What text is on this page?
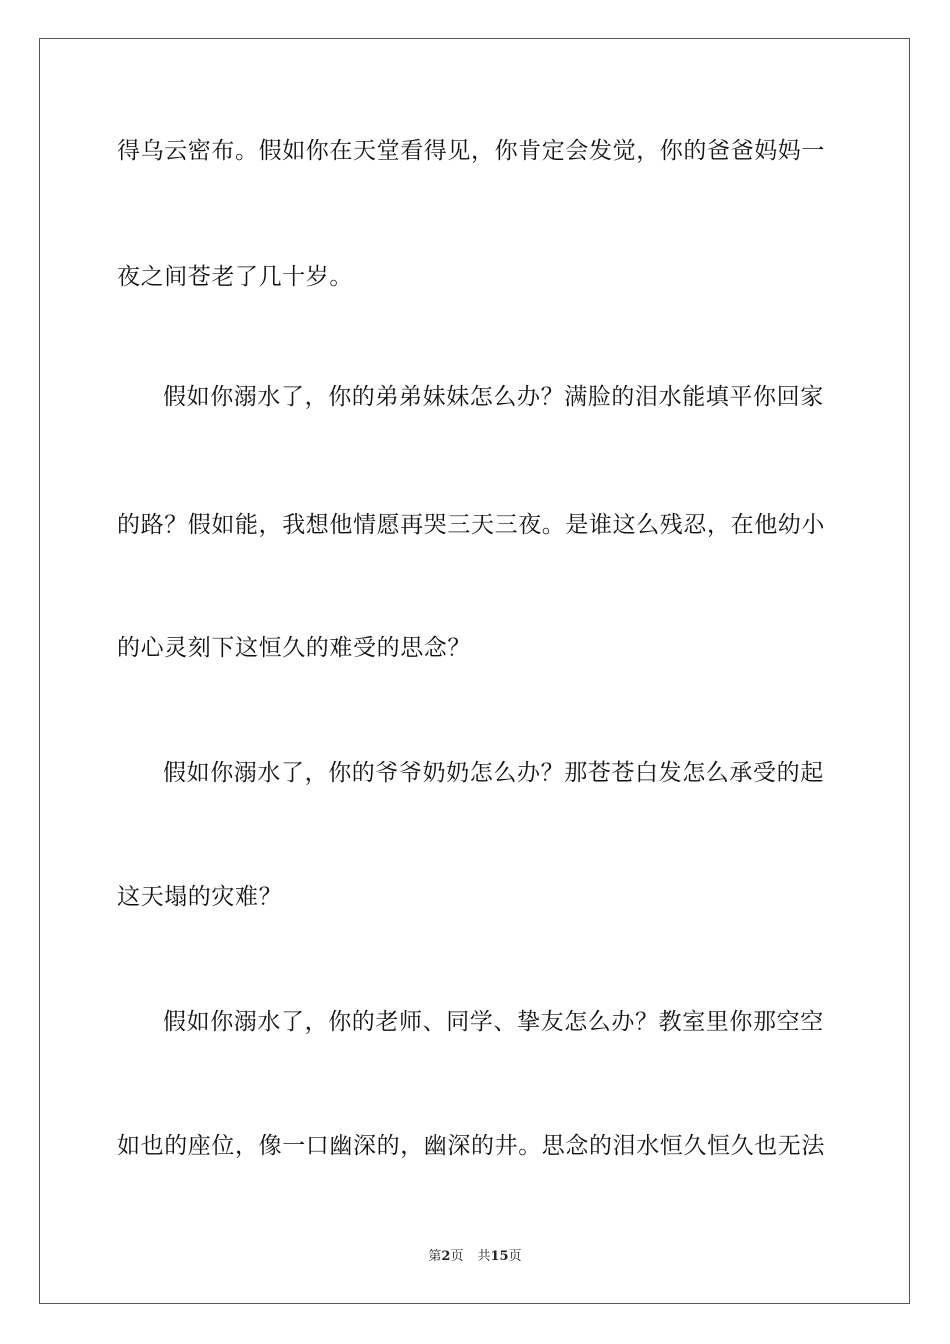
得乌云密布。假如你在天堂看得见，你肯定会发觉，你的爸爸妈妈一
夜之间苍老了几十岁。
假如你溺水了，你的弟弟妹妹怎么办？满脸的泪水能填平你回家
的路？假如能，我想他情愿再哭三天三夜。是谁这么残忍，在他幼小
的心灵刻下这恒久的难受的思念？
假如你溺水了，你的爷爷奶奶怎么办？那苍苍白发怎么承受的起
这天塌的灾难？
假如你溺水了，你的老师、同学、挚友怎么办？教室里你那空空
如也的座位，像一口幽深的，幽深的井。思念的泪水恒久恒久也无法
第2页 共15页
